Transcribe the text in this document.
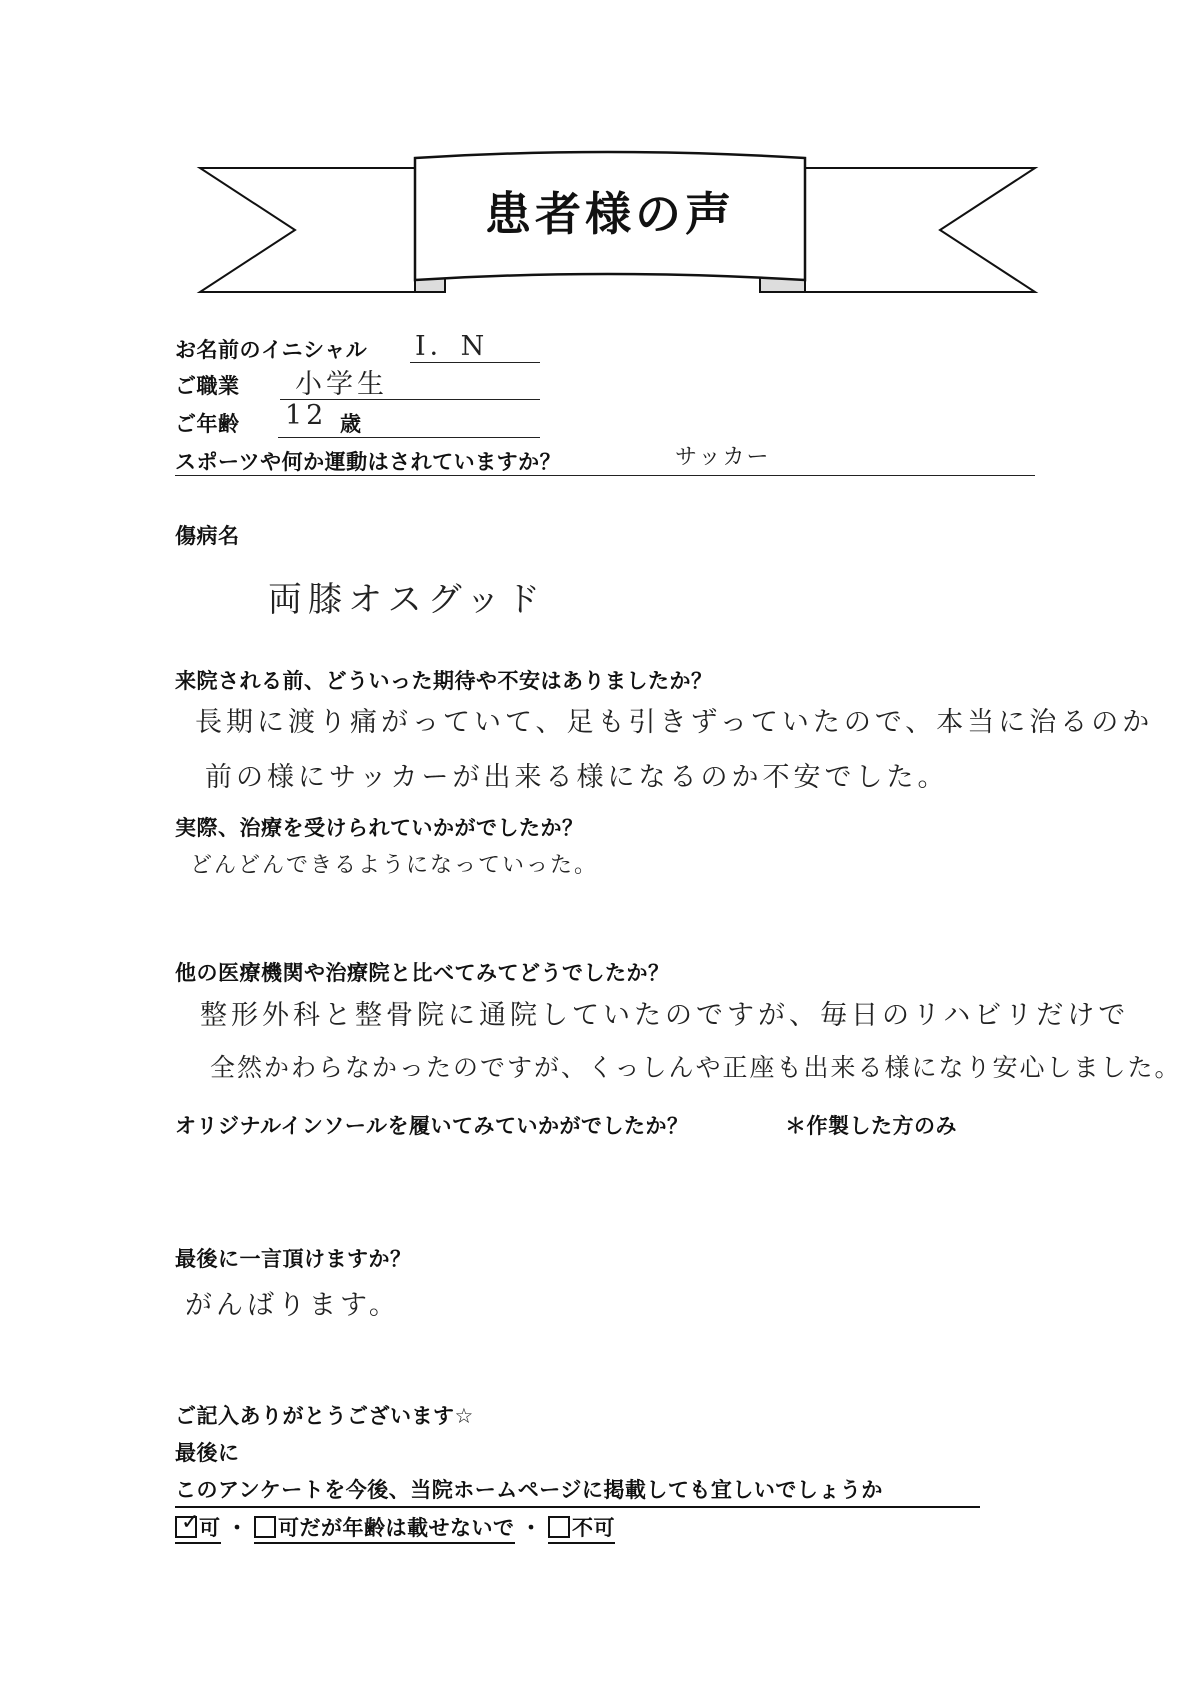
患者様の声
お名前のイニシャル I．N
ご職業 小学生
ご年齢 12 歳
スポーツや何か運動はされていますか？	サッカー
傷病名
両膝オスグッド
来院される前、どういった期待や不安はありましたか？
長期に渡り痛がっていて、足も引きずっていたので、本当に治るのか
前の様にサッカーが出来る様になるのか不安でした。
実際、治療を受けられていかがでしたか？
どんどんできるようになっていった。
他の医療機関や治療院と比べてみてどうでしたか？
整形外科と整骨院に通院していたのですが、毎日のリハビリだけで
全然かわらなかったのですが、くっしんや正座も出来る様になり安心しました。
オリジナルインソールを履いてみていかがでしたか？	＊作製した方のみ
最後に一言頂けますか？
がんばります。
ご記入ありがとうございます☆
最後に
このアンケートを今後、当院ホームページに掲載しても宜しいでしょうか
✓ 可 ・ 可だが年齢は載せないで ・ 不可
